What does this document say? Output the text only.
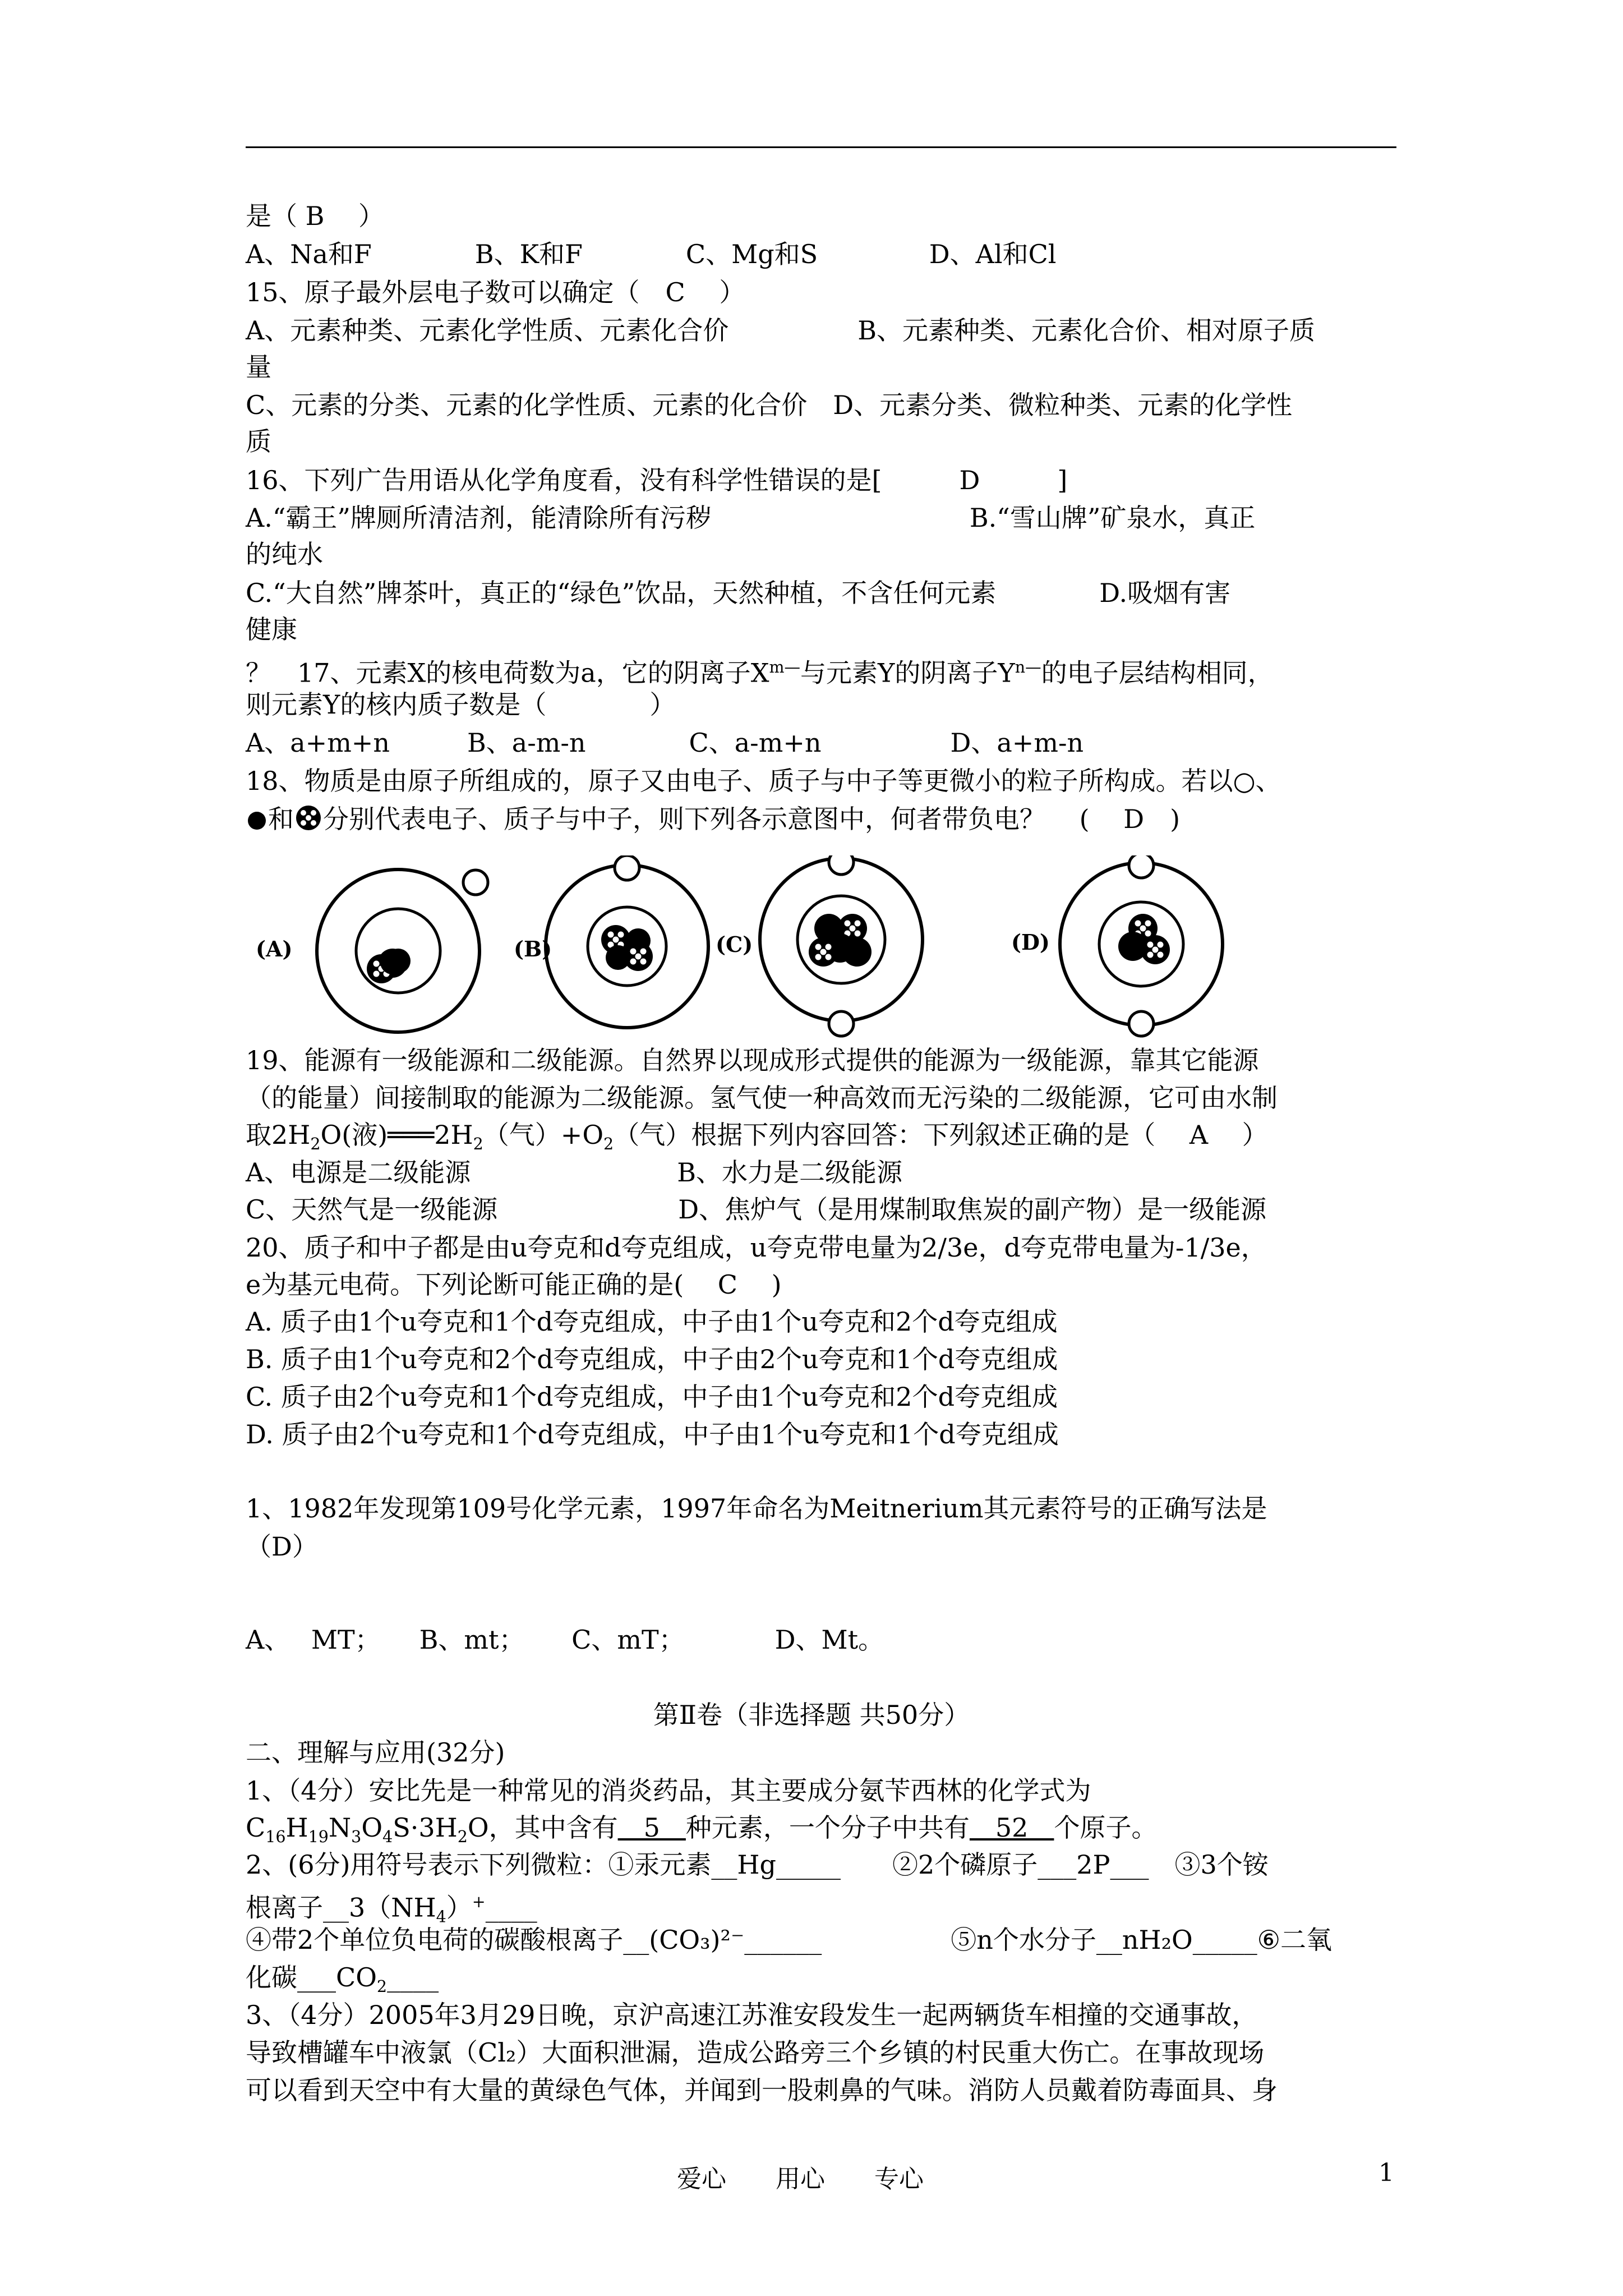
是（ B　 ）
A、Na和F　　　　B、K和F　　　　C、Mg和S　　　　 D、Al和Cl
15、原子最外层电子数可以确定（　C　 ）
A、元素种类、元素化学性质、元素化合价　　　　　B、元素种类、元素化合价、相对原子质
量
C、元素的分类、元素的化学性质、元素的化合价　D、元素分类、微粒种类、元素的化学性
质
16、下列广告用语从化学角度看，没有科学性错误的是[　　　D　　　]
A.“霸王”牌厕所清洁剂，能清除所有污秽　　　　　　　　　　B.“雪山牌”矿泉水，真正
的纯水
C.“大自然”牌茶叶，真正的“绿色”饮品，天然种植，不含任何元素　　　　D.吸烟有害
健康
？　17、元素X的核电荷数为a，它的阴离子$X^{m—}$与元素Y的阴离子$Y^{n—}$的电子层结构相同，
则元素Y的核内质子数是（　　　　）
A、a+m+n　　　B、a-m-n　　　　C、a-m+n　　　　　D、a+m-n
18、物质是由原子所组成的，原子又由电子、质子与中子等更微小的粒子所构成。若以○、
和 分别代表电子、质子与中子，则下列各示意图中，何者带负电？　 (　 D　)
(A)	(B)	(C)	(D)
19、能源有一级能源和二级能源。自然界以现成形式提供的能源为一级能源，靠其它能源
（的能量）间接制取的能源为二级能源。氢气使一种高效而无污染的二级能源，它可由水制
取$2H_2O$(液)$═══2H_2$（气）$+O_2$（气）根据下列内容回答：下列叙述正确的是（　 A　 ）
A、电源是二级能源　　　　　　　　B、水力是二级能源
C、天然气是一级能源　　　　　　　D、焦炉气（是用煤制取焦炭的副产物）是一级能源
20、质子和中子都是由u夸克和d夸克组成，u夸克带电量为2/3e，d夸克带电量为-1/3e，
e为基元电荷。下列论断可能正确的是(　 C　 )
A. 质子由1个u夸克和1个d夸克组成，中子由1个u夸克和2个d夸克组成
B. 质子由1个u夸克和2个d夸克组成，中子由2个u夸克和1个d夸克组成
C. 质子由2个u夸克和1个d夸克组成，中子由1个u夸克和2个d夸克组成
D. 质子由2个u夸克和1个d夸克组成，中子由1个u夸克和1个d夸克组成
1、1982年发现第109号化学元素，1997年命名为Meitnerium其元素符号的正确写法是
（D）
A、　 MT；　　B、mt；　　 C、mT；　　　　D、Mt。
第Ⅱ卷（非选择题 共50分）
二、理解与应用(32分)
1、（4分）安比先是一种常见的消炎药品，其主要成分氨苄西林的化学式为
$C_{16}H_{19}N_3O_4S\cdot 3H_2O$，其中含有　5　种元素，一个分子中共有　52　个原子。
2、(6分)用符号表示下列微粒：①汞元素__Hg_____　　②2个磷原子___2P___　③3个铵
根离子$\_\_3(NH_4)^+\_\_\_\_$
④带2个单位负电荷的碳酸根离子__(CO₃)²⁻______　　　　　⑤n个水分子__nH₂O_____⑥二氧
化碳$\_\_\_CO_2\_\_\_\_$
3、（4分）2005年3月29日晚，京沪高速江苏淮安段发生一起两辆货车相撞的交通事故，
导致槽罐车中液氯（Cl₂）大面积泄漏，造成公路旁三个乡镇的村民重大伤亡。在事故现场
可以看到天空中有大量的黄绿色气体，并闻到一股刺鼻的气味。消防人员戴着防毒面具、身
爱心　　用心　　专心	1
